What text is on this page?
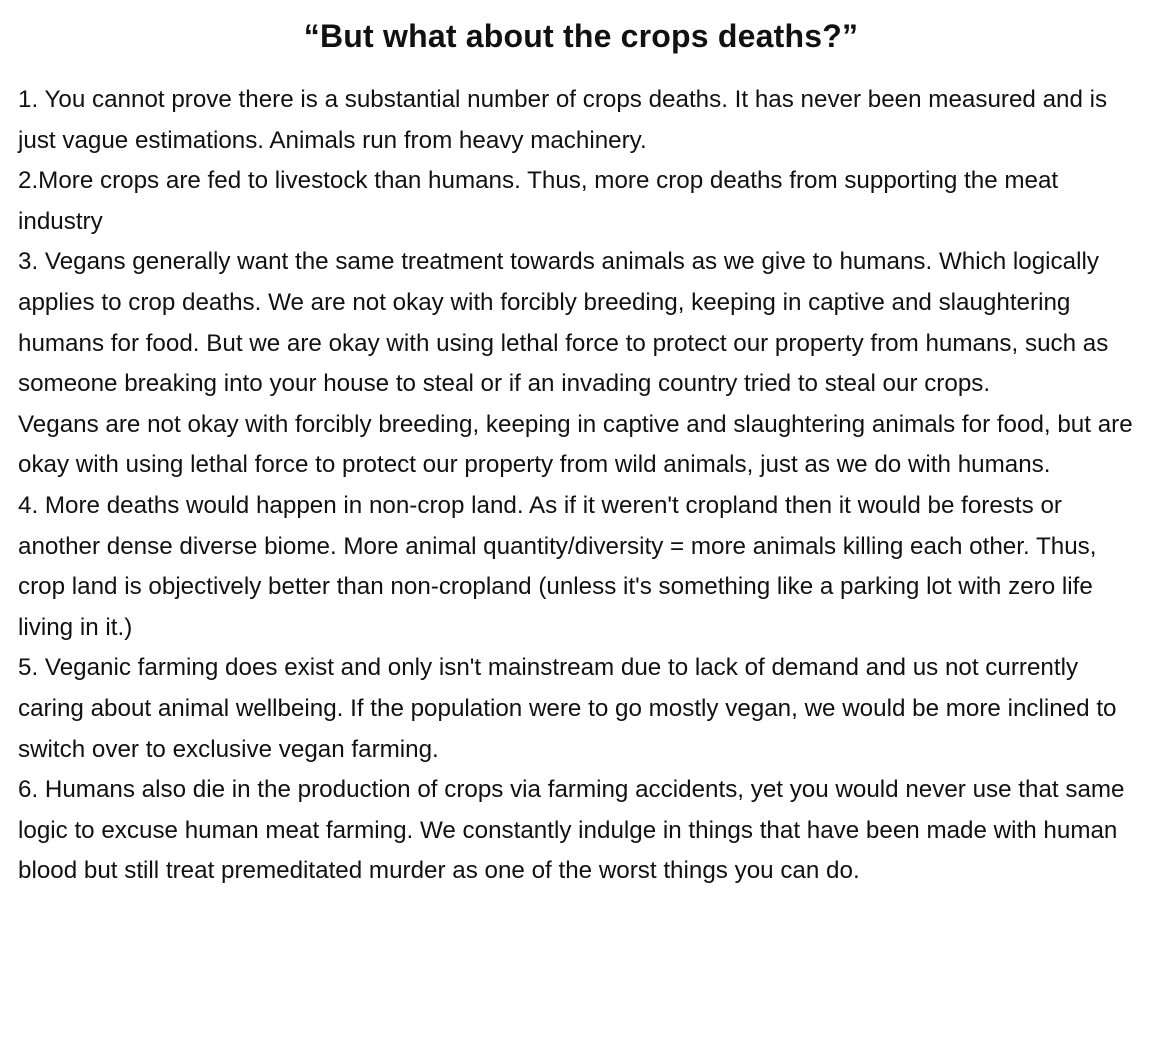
“But what about the crops deaths?”

1. You cannot prove there is a substantial number of crops deaths. It has never been measured and is just vague estimations. Animals run from heavy machinery.

2.More crops are fed to livestock than humans. Thus, more crop deaths from supporting the meat industry

3. Vegans generally want the same treatment towards animals as we give to humans. Which logically applies to crop deaths. We are not okay with forcibly breeding, keeping in captive and slaughtering humans for food. But we are okay with using lethal force to protect our property from humans, such as someone breaking into your house to steal or if an invading country tried to steal our crops.

Vegans are not okay with forcibly breeding, keeping in captive and slaughtering animals for food, but are okay with using lethal force to protect our property from wild animals, just as we do with humans.

4. More deaths would happen in non-crop land. As if it weren't cropland then it would be forests or another dense diverse biome. More animal quantity/diversity = more animals killing each other. Thus, crop land is objectively better than non-cropland (unless it's something like a parking lot with zero life living in it.)

5. Veganic farming does exist and only isn't mainstream due to lack of demand and us not currently caring about animal wellbeing. If the population were to go mostly vegan, we would be more inclined to switch over to exclusive vegan farming.

6. Humans also die in the production of crops via farming accidents, yet you would never use that same logic to excuse human meat farming. We constantly indulge in things that have been made with human blood but still treat premeditated murder as one of the worst things you can do.
